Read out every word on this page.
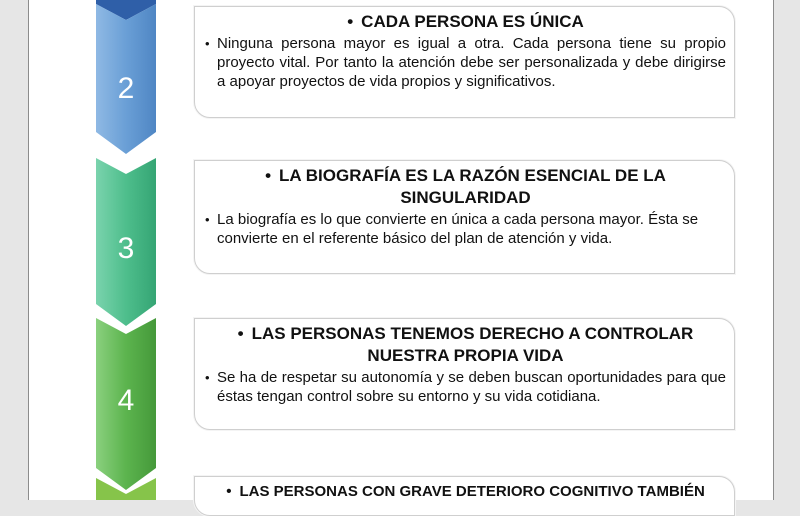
2
• CADA PERSONA ES ÚNICA
• Ninguna persona mayor es igual a otra. Cada persona tiene su propio proyecto vital. Por tanto la atención debe ser personalizada y debe dirigirse a apoyar proyectos de vida propios y significativos.
3
• LA BIOGRAFÍA ES LA RAZÓN ESENCIAL DE LA
SINGULARIDAD
• La biografía es lo que convierte en única a cada persona mayor. Ésta se convierte en el referente básico del plan de atención y vida.
4
• LAS PERSONAS TENEMOS DERECHO A CONTROLAR
NUESTRA PROPIA VIDA
• Se ha de respetar su autonomía y se deben buscan oportunidades para que éstas tengan control sobre su entorno y su vida cotidiana.
• LAS PERSONAS CON GRAVE DETERIORO COGNITIVO TAMBIÉN
